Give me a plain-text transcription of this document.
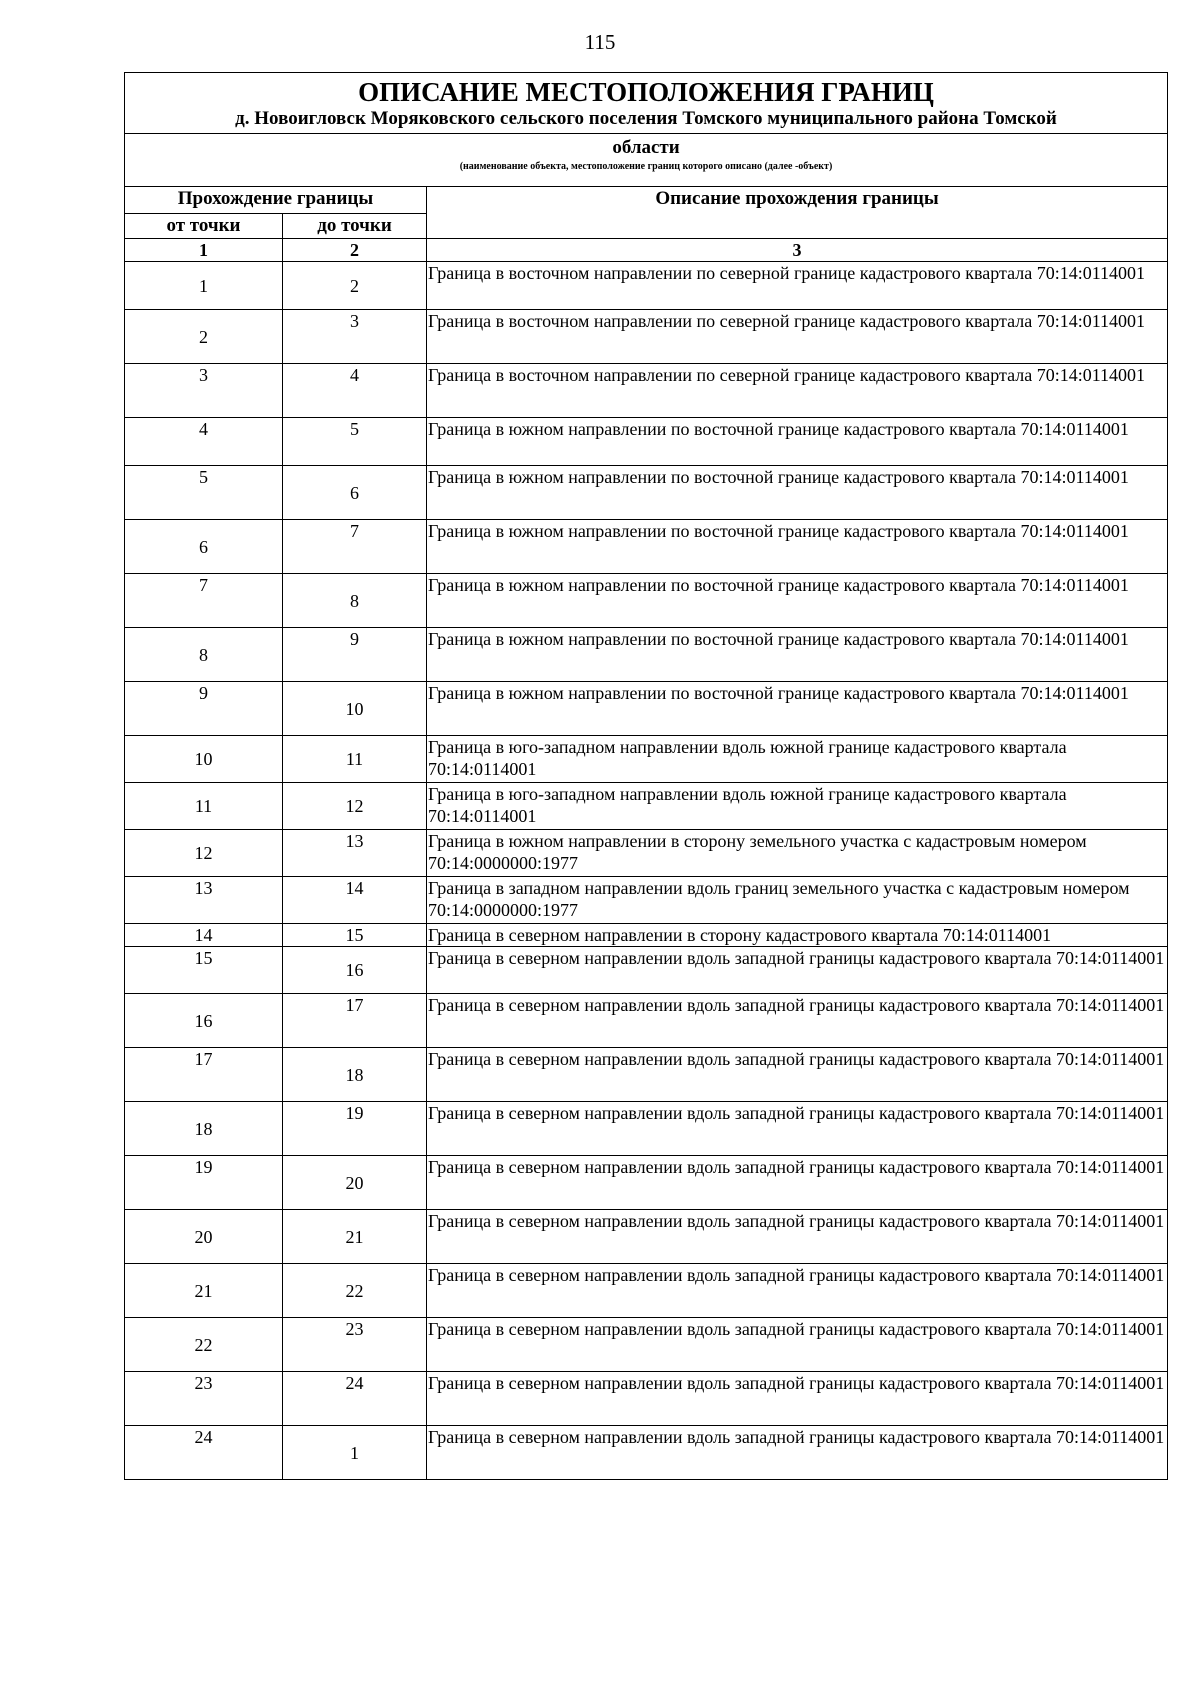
115
ОПИСАНИЕ МЕСТОПОЛОЖЕНИЯ ГРАНИЦ
д. Новоигловск Моряковского сельского поселения Томского муниципального района Томской		

области
(наименование объекта, местоположение границ которого описано (далее -объект)		

Прохождение границы		Описание прохождения границы
от точки	до точки	
1	2	3
1	2	Граница в восточном направлении по северной границе кадастрового квартала 70:14:0114001
2	3	Граница в восточном направлении по северной границе кадастрового квартала 70:14:0114001
3	4	Граница в восточном направлении по северной границе кадастрового квартала 70:14:0114001
4	5	Граница в южном направлении по восточной границе кадастрового квартала 70:14:0114001
5	6	Граница в южном направлении по восточной границе кадастрового квартала 70:14:0114001
6	7	Граница в южном направлении по восточной границе кадастрового квартала 70:14:0114001
7	8	Граница в южном направлении по восточной границе кадастрового квартала 70:14:0114001
8	9	Граница в южном направлении по восточной границе кадастрового квартала 70:14:0114001
9	10	Граница в южном направлении по восточной границе кадастрового квартала 70:14:0114001
10	11	Граница в юго-западном направлении вдоль южной границе кадастрового квартала 70:14:0114001
11	12	Граница в юго-западном направлении вдоль южной границе кадастрового квартала 70:14:0114001
12	13	Граница в южном направлении в сторону земельного участка с кадастровым номером 70:14:0000000:1977
13	14	Граница в западном направлении вдоль границ земельного участка с кадастровым номером 70:14:0000000:1977
14	15	Граница в северном направлении в сторону кадастрового квартала 70:14:0114001
15	16	Граница в северном направлении вдоль западной границы кадастрового квартала 70:14:0114001
16	17	Граница в северном направлении вдоль западной границы кадастрового квартала 70:14:0114001
17	18	Граница в северном направлении вдоль западной границы кадастрового квартала 70:14:0114001
18	19	Граница в северном направлении вдоль западной границы кадастрового квартала 70:14:0114001
19	20	Граница в северном направлении вдоль западной границы кадастрового квартала 70:14:0114001
20	21	Граница в северном направлении вдоль западной границы кадастрового квартала 70:14:0114001
21	22	Граница в северном направлении вдоль западной границы кадастрового квартала 70:14:0114001
22	23	Граница в северном направлении вдоль западной границы кадастрового квартала 70:14:0114001
23	24	Граница в северном направлении вдоль западной границы кадастрового квартала 70:14:0114001
24	1	Граница в северном направлении вдоль западной границы кадастрового квартала 70:14:0114001
